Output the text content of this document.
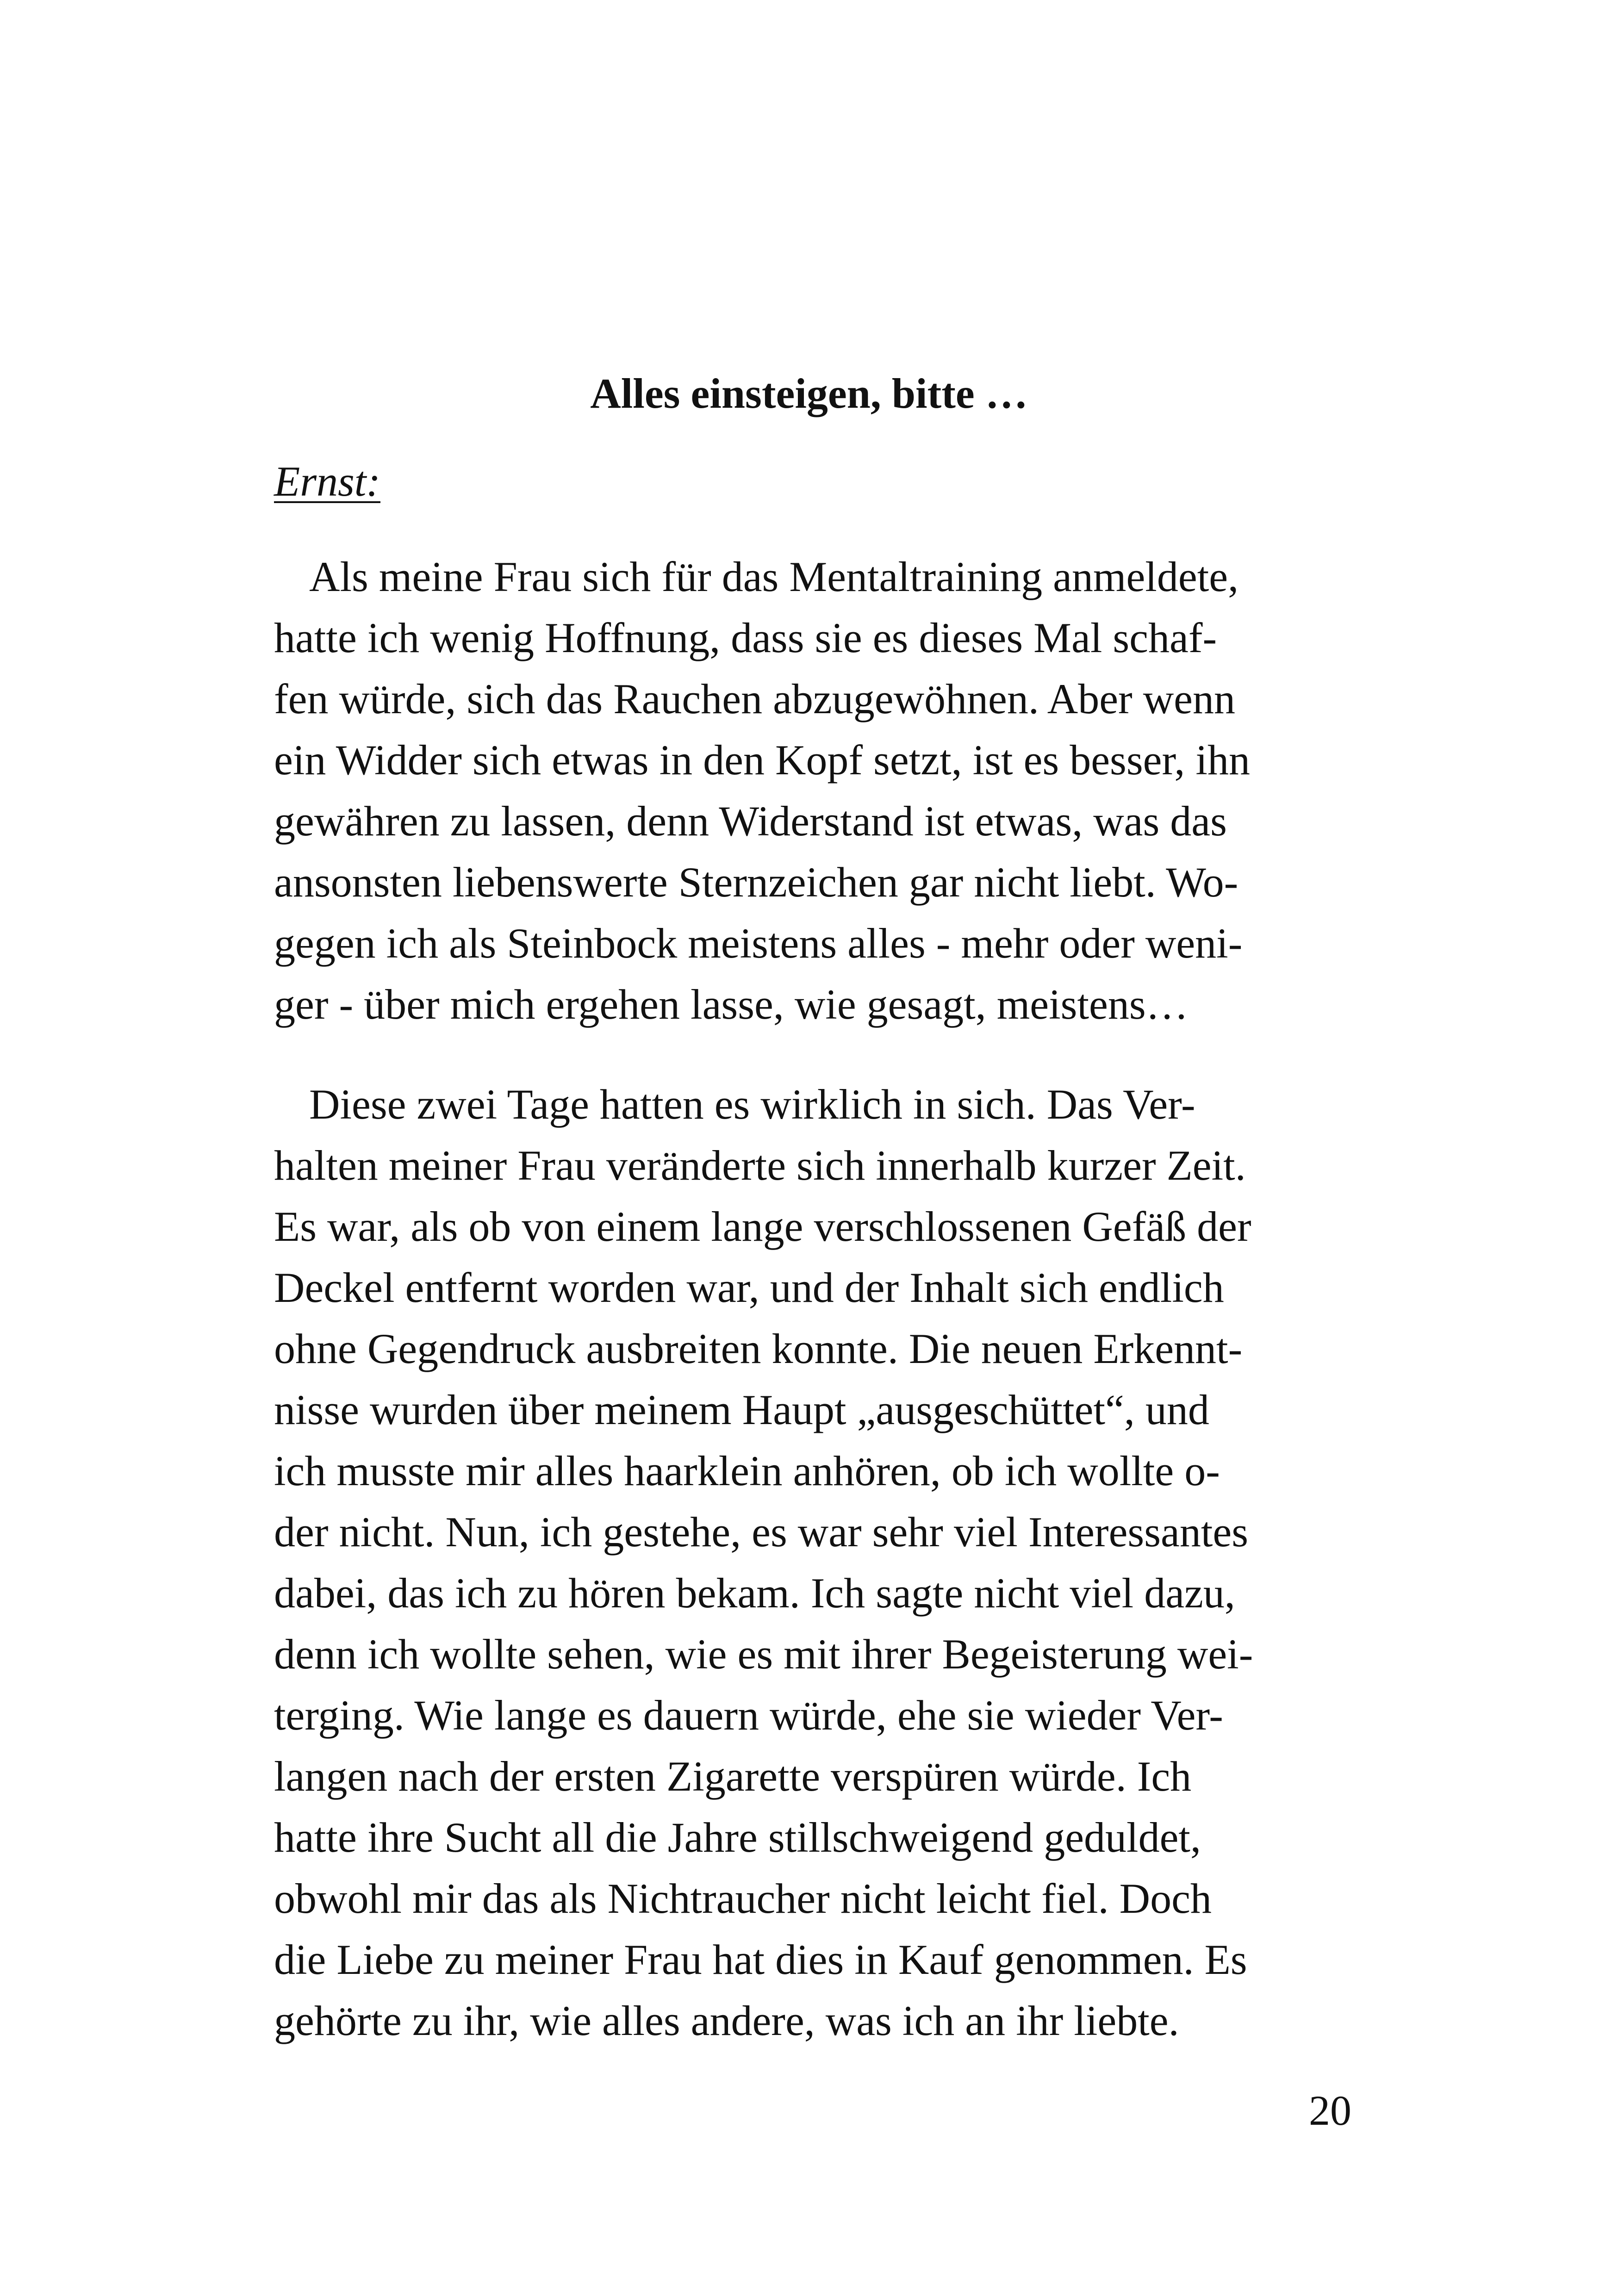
Alles einsteigen, bitte …

Ernst:

Als meine Frau sich für das Mentaltraining anmeldete,
hatte ich wenig Hoffnung, dass sie es dieses Mal schaf-
fen würde, sich das Rauchen abzugewöhnen. Aber wenn
ein Widder sich etwas in den Kopf setzt, ist es besser, ihn
gewähren zu lassen, denn Widerstand ist etwas, was das
ansonsten liebenswerte Sternzeichen gar nicht liebt. Wo-
gegen ich als Steinbock meistens alles - mehr oder weni-
ger - über mich ergehen lasse, wie gesagt, meistens…

Diese zwei Tage hatten es wirklich in sich. Das Ver-
halten meiner Frau veränderte sich innerhalb kurzer Zeit.
Es war, als ob von einem lange verschlossenen Gefäß der
Deckel entfernt worden war, und der Inhalt sich endlich
ohne Gegendruck ausbreiten konnte. Die neuen Erkennt-
nisse wurden über meinem Haupt „ausgeschüttet“, und
ich musste mir alles haarklein anhören, ob ich wollte o-
der nicht. Nun, ich gestehe, es war sehr viel Interessantes
dabei, das ich zu hören bekam. Ich sagte nicht viel dazu,
denn ich wollte sehen, wie es mit ihrer Begeisterung wei-
terging. Wie lange es dauern würde, ehe sie wieder Ver-
langen nach der ersten Zigarette verspüren würde. Ich
hatte ihre Sucht all die Jahre stillschweigend geduldet,
obwohl mir das als Nichtraucher nicht leicht fiel. Doch
die Liebe zu meiner Frau hat dies in Kauf genommen. Es
gehörte zu ihr, wie alles andere, was ich an ihr liebte.

20
